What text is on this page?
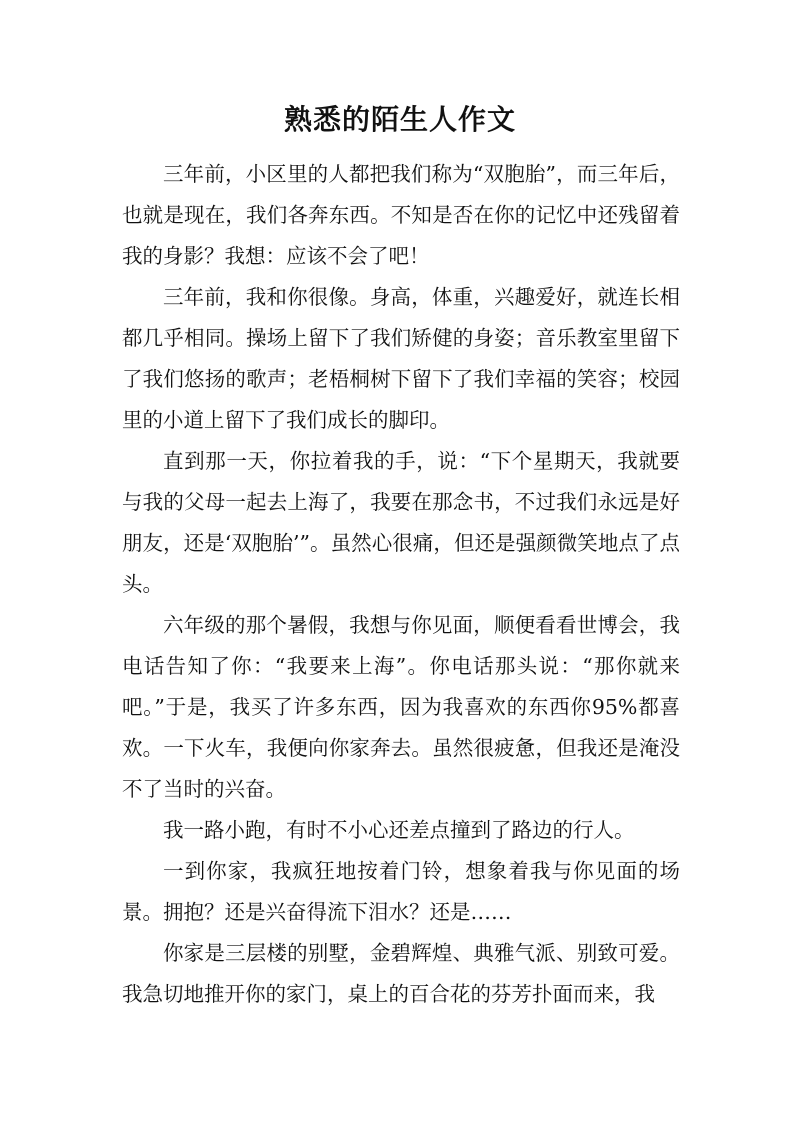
熟悉的陌生人作文

三年前，小区里的人都把我们称为“双胞胎”，而三年后，也就是现在，我们各奔东西。不知是否在你的记忆中还残留着我的身影？我想：应该不会了吧！

三年前，我和你很像。身高，体重，兴趣爱好，就连长相都几乎相同。操场上留下了我们矫健的身姿；音乐教室里留下了我们悠扬的歌声；老梧桐树下留下了我们幸福的笑容；校园里的小道上留下了我们成长的脚印。

直到那一天，你拉着我的手，说：“下个星期天，我就要与我的父母一起去上海了，我要在那念书，不过我们永远是好朋友，还是‘双胞胎’”。虽然心很痛，但还是强颜微笑地点了点头。

六年级的那个暑假，我想与你见面，顺便看看世博会，我电话告知了你：“我要来上海”。你电话那头说：“那你就来吧。”于是，我买了许多东西，因为我喜欢的东西你95%都喜欢。一下火车，我便向你家奔去。虽然很疲惫，但我还是淹没不了当时的兴奋。

我一路小跑，有时不小心还差点撞到了路边的行人。

一到你家，我疯狂地按着门铃，想象着我与你见面的场景。拥抱？还是兴奋得流下泪水？还是……

你家是三层楼的别墅，金碧辉煌、典雅气派、别致可爱。我急切地推开你的家门，桌上的百合花的芬芳扑面而来，我
